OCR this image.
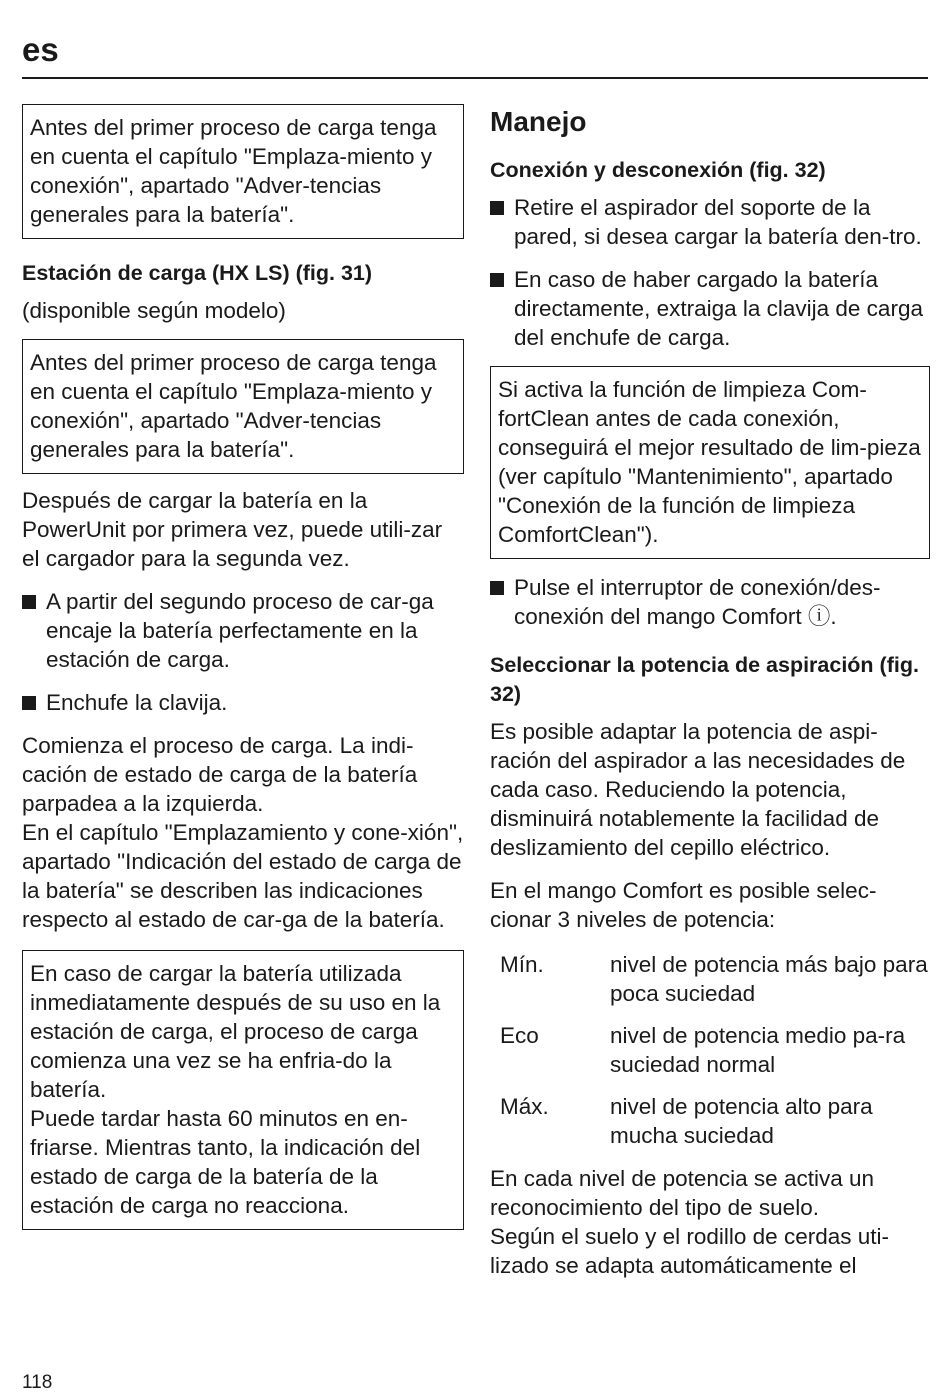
es
Antes del primer proceso de carga tenga en cuenta el capítulo "Emplaza-miento y conexión", apartado "Adver-tencias generales para la batería".
Estación de carga (HX LS) (fig. 31)
(disponible según modelo)
Antes del primer proceso de carga tenga en cuenta el capítulo "Emplaza-miento y conexión", apartado "Adver-tencias generales para la batería".
Después de cargar la batería en la PowerUnit por primera vez, puede utili-zar el cargador para la segunda vez.
A partir del segundo proceso de car-ga encaje la batería perfectamente en la estación de carga.
Enchufe la clavija.
Comienza el proceso de carga. La indi-cación de estado de carga de la batería parpadea a la izquierda.
En el capítulo "Emplazamiento y cone-xión", apartado "Indicación del estado de carga de la batería" se describen las indicaciones respecto al estado de car-ga de la batería.
En caso de cargar la batería utilizada inmediatamente después de su uso en la estación de carga, el proceso de carga comienza una vez se ha enfria-do la batería.
Puede tardar hasta 60 minutos en en-friarse. Mientras tanto, la indicación del estado de carga de la batería de la estación de carga no reacciona.
Manejo
Conexión y desconexión (fig. 32)
Retire el aspirador del soporte de la pared, si desea cargar la batería den-tro.
En caso de haber cargado la batería directamente, extraiga la clavija de carga del enchufe de carga.
Si activa la función de limpieza Com-fortClean antes de cada conexión, conseguirá el mejor resultado de lim-pieza (ver capítulo "Mantenimiento", apartado "Conexión de la función de limpieza ComfortClean").
Pulse el interruptor de conexión/des-conexión del mango Comfort ⓘ.
Seleccionar la potencia de aspiración (fig. 32)
Es posible adaptar la potencia de aspi-ración del aspirador a las necesidades de cada caso. Reduciendo la potencia, disminuirá notablemente la facilidad de deslizamiento del cepillo eléctrico.
En el mango Comfort es posible selec-cionar 3 niveles de potencia:
Mín.	nivel de potencia más bajo para poca suciedad
Eco	nivel de potencia medio pa-ra suciedad normal
Máx.	nivel de potencia alto para mucha suciedad
En cada nivel de potencia se activa un reconocimiento del tipo de suelo.
Según el suelo y el rodillo de cerdas uti-lizado se adapta automáticamente el
118
